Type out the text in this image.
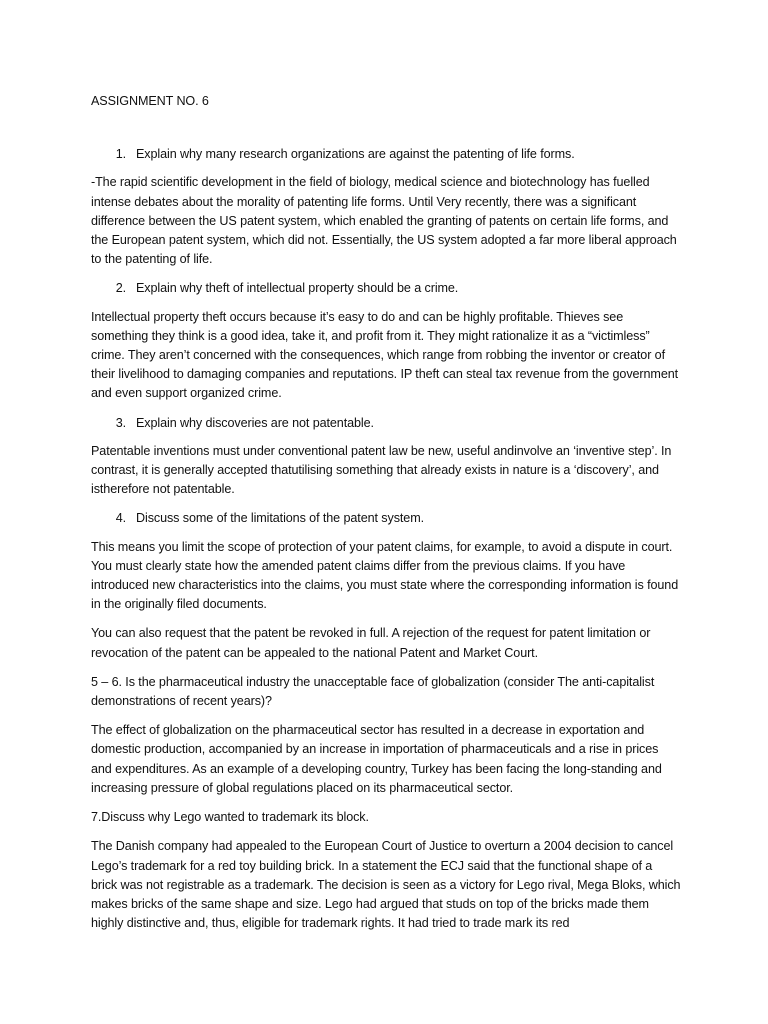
ASSIGNMENT NO. 6
1. Explain why many research organizations are against the patenting of life forms.
-The rapid scientific development in the field of biology, medical science and biotechnology has fuelled intense debates about the morality of patenting life forms. Until Very recently, there was a significant difference between the US patent system, which enabled the granting of patents on certain life forms, and the European patent system, which did not. Essentially, the US system adopted a far more liberal approach to the patenting of life.
2. Explain why theft of intellectual property should be a crime.
Intellectual property theft occurs because it’s easy to do and can be highly profitable. Thieves see something they think is a good idea, take it, and profit from it. They might rationalize it as a “victimless” crime. They aren’t concerned with the consequences, which range from robbing the inventor or creator of their livelihood to damaging companies and reputations. IP theft can steal tax revenue from the government and even support organized crime.
3. Explain why discoveries are not patentable.
Patentable inventions must under conventional patent law be new, useful andinvolve an ‘inventive step’. In contrast, it is generally accepted thatutilising something that already exists in nature is a ‘discovery’, and istherefore not patentable.
4. Discuss some of the limitations of the patent system.
This means you limit the scope of protection of your patent claims, for example, to avoid a dispute in court. You must clearly state how the amended patent claims differ from the previous claims. If you have introduced new characteristics into the claims, you must state where the corresponding information is found in the originally filed documents.
You can also request that the patent be revoked in full. A rejection of the request for patent limitation or revocation of the patent can be appealed to the national Patent and Market Court.
5 – 6. Is the pharmaceutical industry the unacceptable face of globalization (consider The anti-capitalist demonstrations of recent years)?
The effect of globalization on the pharmaceutical sector has resulted in a decrease in exportation and domestic production, accompanied by an increase in importation of pharmaceuticals and a rise in prices and expenditures. As an example of a developing country, Turkey has been facing the long-standing and increasing pressure of global regulations placed on its pharmaceutical sector.
7.Discuss why Lego wanted to trademark its block.
The Danish company had appealed to the European Court of Justice to overturn a 2004 decision to cancel Lego’s trademark for a red toy building brick. In a statement the ECJ said that the functional shape of a brick was not registrable as a trademark. The decision is seen as a victory for Lego rival, Mega Bloks, which makes bricks of the same shape and size. Lego had argued that studs on top of the bricks made them highly distinctive and, thus, eligible for trademark rights. It had tried to trade mark its red
